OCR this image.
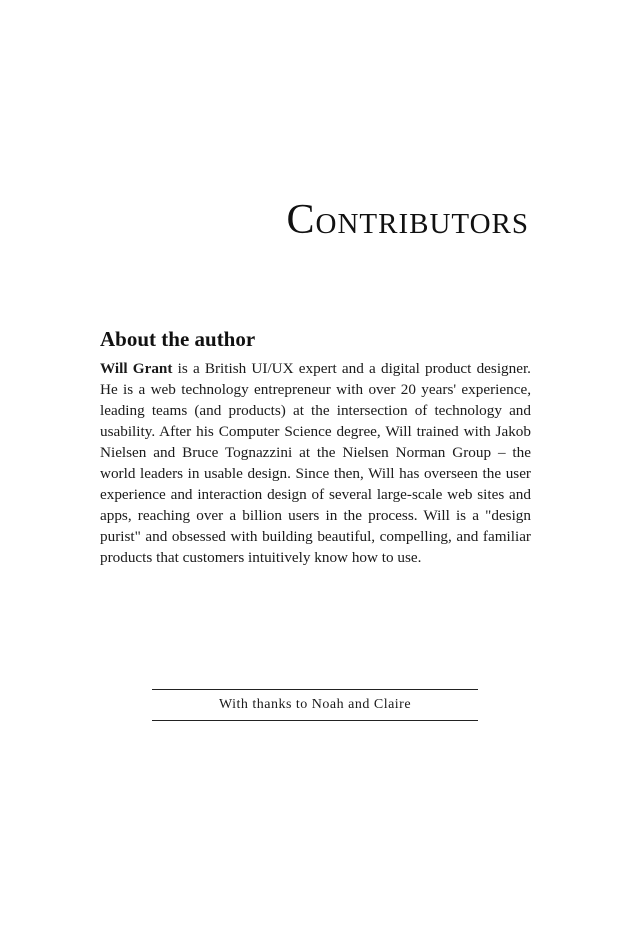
Contributors
About the author

Will Grant is a British UI/UX expert and a digital product designer. He is a web technology entrepreneur with over 20 years' experience, leading teams (and products) at the intersection of technology and usability. After his Computer Science degree, Will trained with Jakob Nielsen and Bruce Tognazzini at the Nielsen Norman Group – the world leaders in usable design. Since then, Will has overseen the user experience and interaction design of several large-scale web sites and apps, reaching over a billion users in the process. Will is a "design purist" and obsessed with building beautiful, compelling, and familiar products that customers intuitively know how to use.

With thanks to Noah and Claire
